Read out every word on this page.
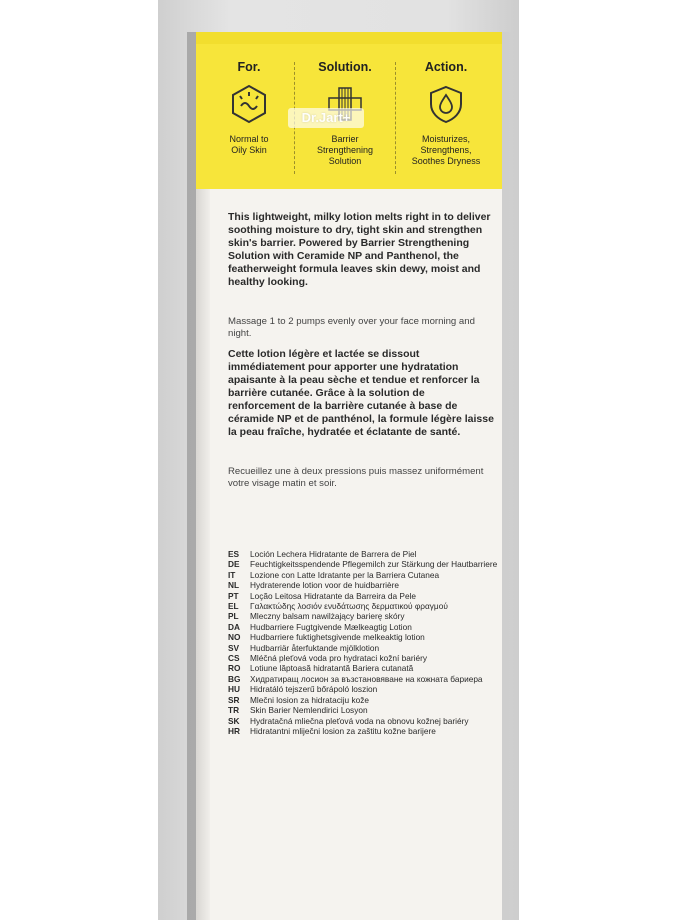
For.
Normal to
Oily Skin
Solution.
Barrier
Strengthening
Solution
Action.
Moisturizes,
Strengthens,
Soothes Dryness
Dr.Jart+
This lightweight, milky lotion melts right in to deliver soothing moisture to dry, tight skin and strengthen skin's barrier. Powered by Barrier Strengthening Solution with Ceramide NP and Panthenol, the featherweight formula leaves skin dewy, moist and healthy looking.
Massage 1 to 2 pumps evenly over your face morning and night.
Cette lotion légère et lactée se dissout immédiatement pour apporter une hydratation apaisante à la peau sèche et tendue et renforcer la barrière cutanée. Grâce à la solution de renforcement de la barrière cutanée à base de céramide NP et de panthénol, la formule légère laisse la peau fraîche, hydratée et éclatante de santé.
Recueillez une à deux pressions puis massez uniformément votre visage matin et soir.
ES	Loción Lechera Hidratante de Barrera de Piel
DE	Feuchtigkeitsspendende Pflegemilch zur Stärkung der Hautbarriere
IT	Lozione con Latte Idratante per la Barriera Cutanea
NL	Hydraterende lotion voor de huidbarrière
PT	Loção Leitosa Hidratante da Barreira da Pele
EL	Γαλακτώδης λοσιόν ενυδάτωσης δερματικού φραγμού
PL	Mleczny balsam nawilżający barierę skóry
DA	Hudbarriere Fugtgivende Mælkeagtig Lotion
NO	Hudbarriere fuktighetsgivende melkeaktig lotion
SV	Hudbarriär återfuktande mjölklotion
CS	Mléčná pleťová voda pro hydrataci kožní bariéry
RO	Lotiune lăptoasă hidratantă Bariera cutanată
BG	Хидратиращ лосион за възстановяване на кожната бариера
HU	Hidratáló tejszerű bőrápoló loszion
SR	Mlečni losion za hidrataciju kože
TR	Skin Barier Nemlendirici Losyon
SK	Hydratačná mliečna pleťová voda na obnovu kožnej bariéry
HR	Hidratantni mliječni losion za zaštitu kožne barijere
